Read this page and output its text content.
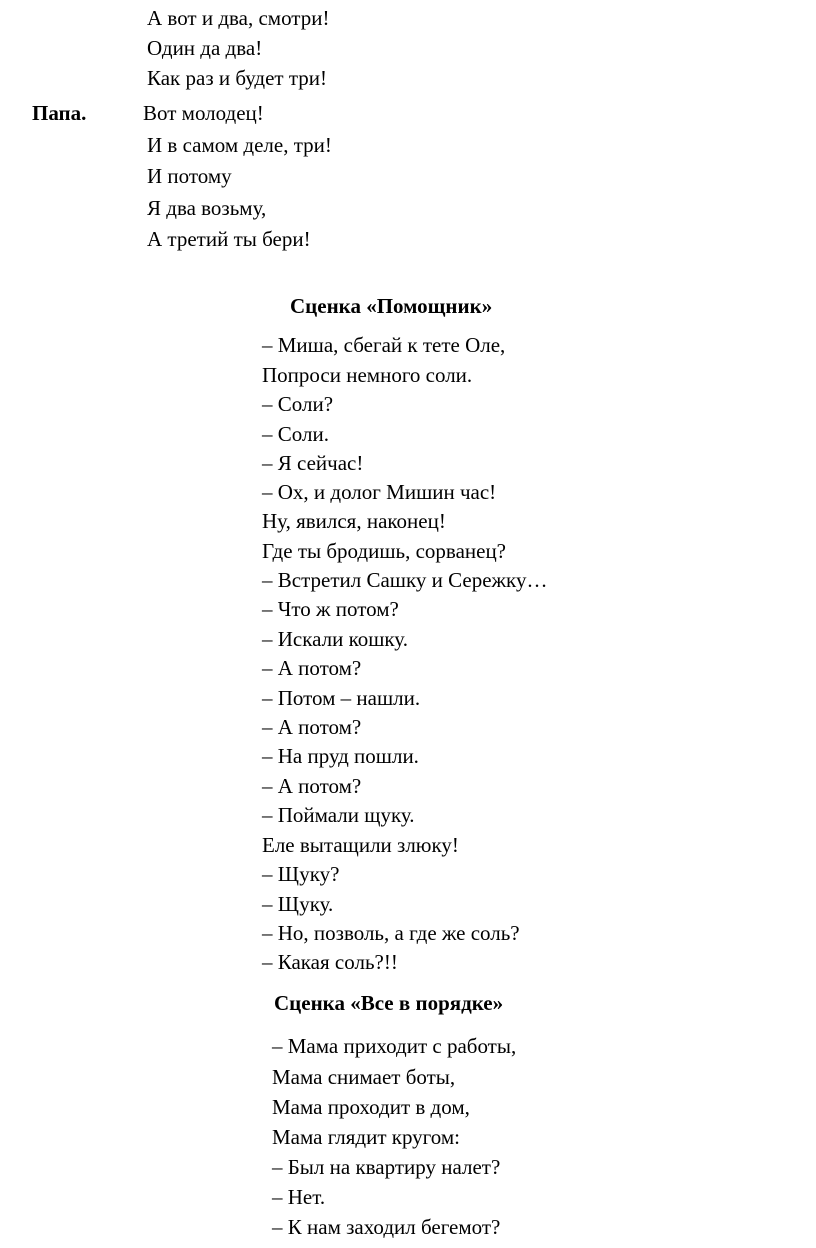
А вот и два, смотри!
Один да два!
Как раз и будет три!
Папа.	Вот молодец!
И в самом деле, три!
И потому
Я два возьму,
А третий ты бери!
Сценка «Помощник»
– Миша, сбегай к тете Оле,
Попроси немного соли.
– Соли?
– Соли.
– Я сейчас!
– Ох, и долог Мишин час!
Ну, явился, наконец!
Где ты бродишь, сорванец?
– Встретил Сашку и Сережку…
– Что ж потом?
– Искали кошку.
– А потом?
– Потом – нашли.
– А потом?
– На пруд пошли.
– А потом?
– Поймали щуку.
Еле вытащили злюку!
– Щуку?
– Щуку.
– Но, позволь, а где же соль?
– Какая соль?!!
Сценка «Все в порядке»
– Мама приходит с работы,
Мама снимает боты,
Мама проходит в дом,
Мама глядит кругом:
– Был на квартиру налет?
– Нет.
– К нам заходил бегемот?
